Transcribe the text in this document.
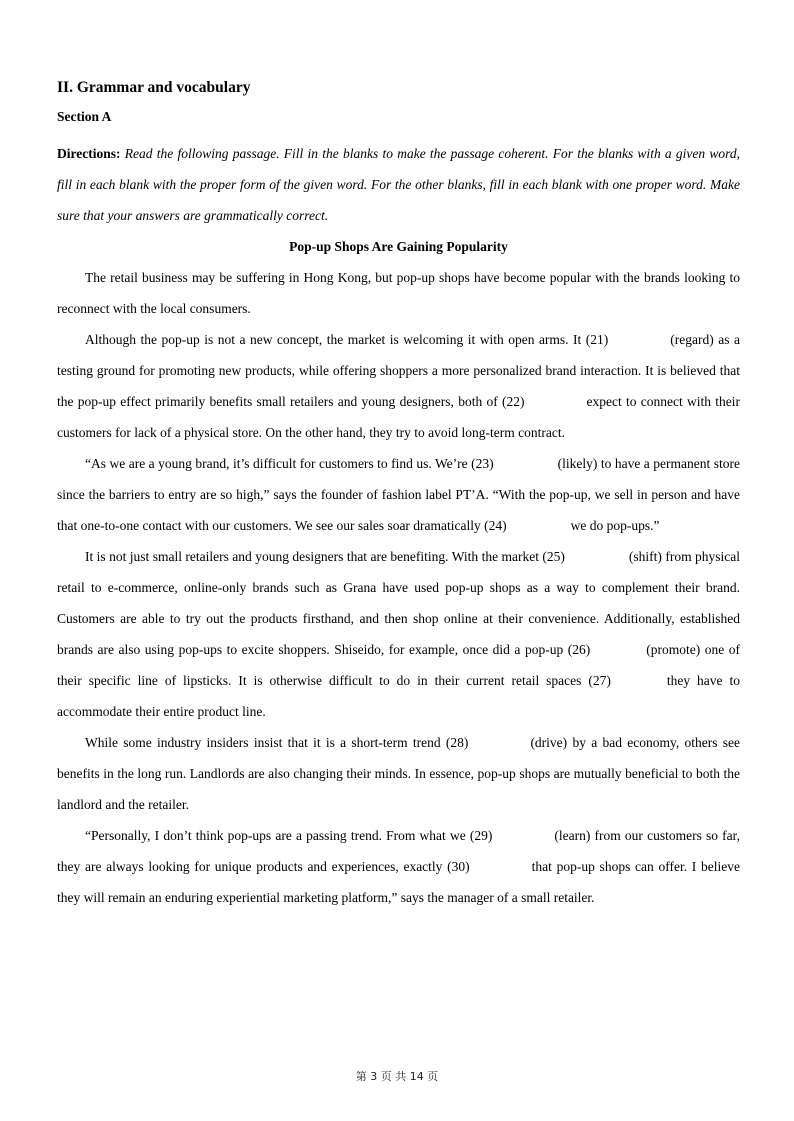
II. Grammar and vocabulary
Section A

Directions: Read the following passage. Fill in the blanks to make the passage coherent. For the blanks with a given word, fill in each blank with the proper form of the given word. For the other blanks, fill in each blank with one proper word. Make sure that your answers are grammatically correct.

Pop-up Shops Are Gaining Popularity

The retail business may be suffering in Hong Kong, but pop-up shops have become popular with the brands looking to reconnect with the local consumers.

Although the pop-up is not a new concept, the market is welcoming it with open arms. It (21)	(regard) as a testing ground for promoting new products, while offering shoppers a more personalized brand interaction. It is believed that the pop-up effect primarily benefits small retailers and young designers, both of (22)	expect to connect with their customers for lack of a physical store. On the other hand, they try to avoid long-term contract.

“As we are a young brand, it’s difficult for customers to find us. We’re (23)	(likely) to have a permanent store since the barriers to entry are so high,” says the founder of fashion label PT’A. “With the pop-up, we sell in person and have that one-to-one contact with our customers. We see our sales soar dramatically (24)	we do pop-ups.”

It is not just small retailers and young designers that are benefiting. With the market (25)	(shift) from physical retail to e-commerce, online-only brands such as Grana have used pop-up shops as a way to complement their brand. Customers are able to try out the products firsthand, and then shop online at their convenience. Additionally, established brands are also using pop-ups to excite shoppers. Shiseido, for example, once did a pop-up (26)	(promote) one of their specific line of lipsticks. It is otherwise difficult to do in their current retail spaces (27)	they have to accommodate their entire product line.

While some industry insiders insist that it is a short-term trend (28)	(drive) by a bad economy, others see benefits in the long run. Landlords are also changing their minds. In essence, pop-up shops are mutually beneficial to both the landlord and the retailer.

“Personally, I don’t think pop-ups are a passing trend. From what we (29)	(learn) from our customers so far, they are always looking for unique products and experiences, exactly (30)	that pop-up shops can offer. I believe they will remain an enduring experiential marketing platform,” says the manager of a small retailer.

第 3 页 共 14 页
